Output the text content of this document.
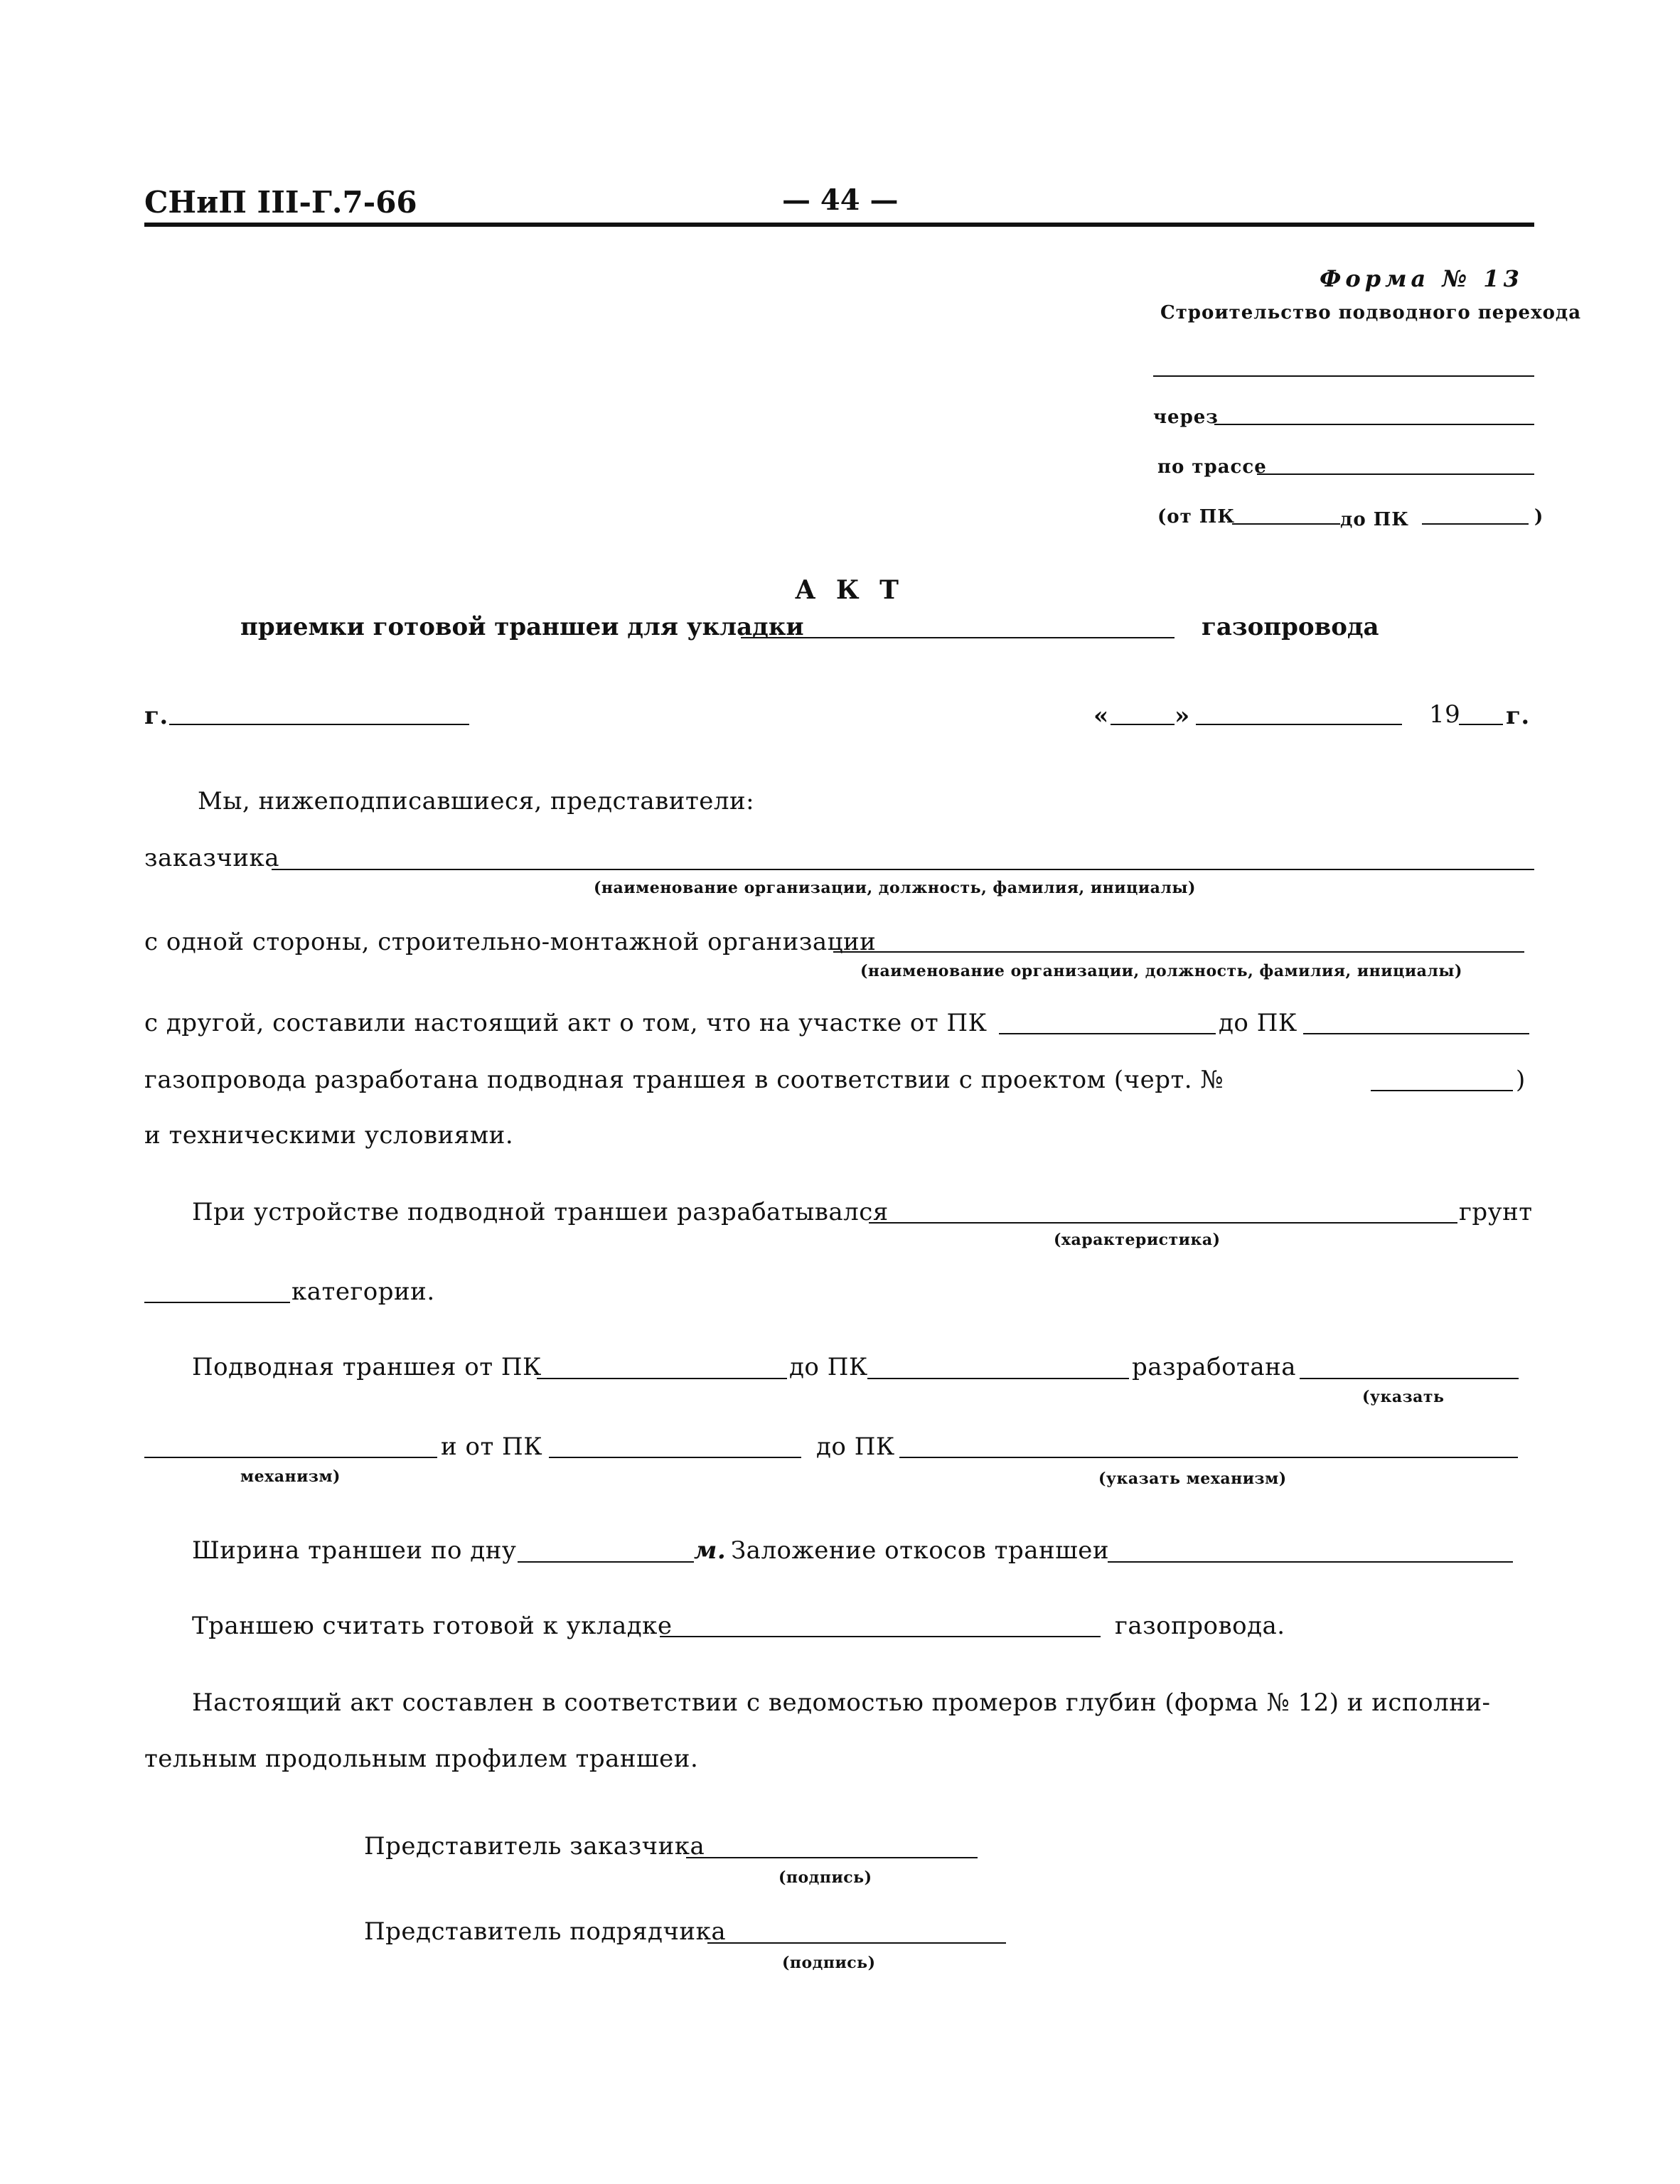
СНиП III-Г.7-66	— 44 —
Форма № 13
Строительство подводного перехода
через
по трассе
(от ПК	до ПК	)
А К Т
приемки готовой траншеи для укладки	газопровода
г.	«	»	19 г.
Мы, нижеподписавшиеся, представители:
заказчика
(наименование организации, должность, фамилия, инициалы)
с одной стороны, строительно-монтажной организации
(наименование организации, должность, фамилия, инициалы)
с другой, составили настоящий акт о том, что на участке от ПК	до ПК
газопровода разработана подводная траншея в соответствии с проектом (черт. №	)
и техническими условиями.
При устройстве подводной траншеи разрабатывался	грунт
(характеристика)
категории.
Подводная траншея от ПК	до ПК	разработана
(указать
и от ПК	до ПК
механизм)	(указать механизм)
Ширина траншеи по дну	м. Заложение откосов траншеи
Траншею считать готовой к укладке	газопровода.
Настоящий акт составлен в соответствии с ведомостью промеров глубин (форма № 12) и исполни-
тельным продольным профилем траншеи.
Представитель заказчика
(подпись)
Представитель подрядчика
(подпись)
